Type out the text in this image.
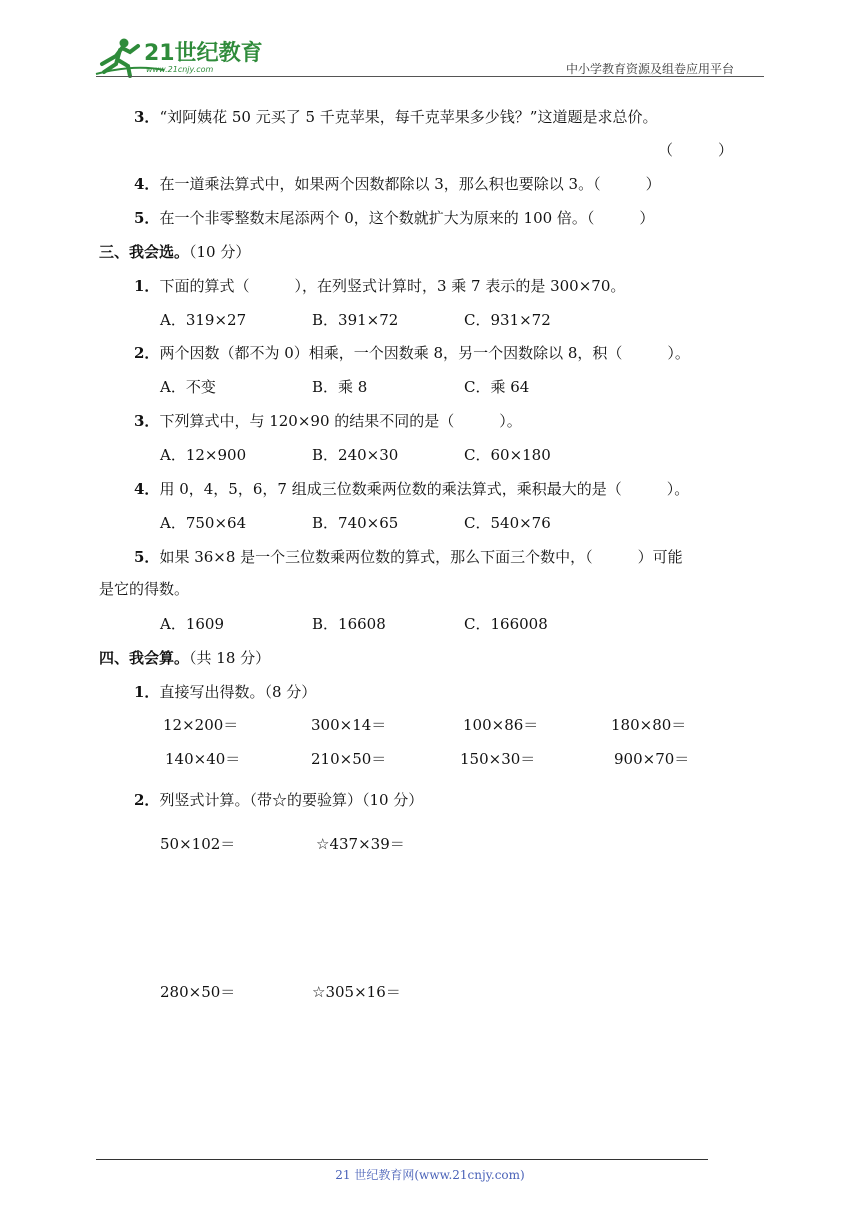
21世纪教育
www.21cnjy.com	中小学教育资源及组卷应用平台
3．“刘阿姨花 50 元买了 5 千克苹果，每千克苹果多少钱？”这道题是求总价。
（　　　）
4．在一道乘法算式中，如果两个因数都除以 3，那么积也要除以 3。（　　　）
5．在一个非零整数末尾添两个 0，这个数就扩大为原来的 100 倍。（　　　）
三、我会选。（10 分）
1．下面的算式（　　　），在列竖式计算时，3 乘 7 表示的是 300×70。
A．319×27	B．391×72	C．931×72
2．两个因数（都不为 0）相乘，一个因数乘 8，另一个因数除以 8，积（　　　）。
A．不变	B．乘 8	C．乘 64
3．下列算式中，与 120×90 的结果不同的是（　　　）。
A．12×900	B．240×30	C．60×180
4．用 0，4，5，6，7 组成三位数乘两位数的乘法算式，乘积最大的是（　　　）。
A．750×64	B．740×65	C．540×76
5．如果 36×8 是一个三位数乘两位数的算式，那么下面三个数中，（　　　）可能
是它的得数。
A．1609	B．16608	C．166008
四、我会算。（共 18 分）
1．直接写出得数。（8 分）
12×200＝	300×14＝	100×86＝	180×80＝
140×40＝	210×50＝	150×30＝	900×70＝
2．列竖式计算。（带☆的要验算）（10 分）
50×102＝	☆437×39＝
280×50＝	☆305×16＝
21 世纪教育网(www.21cnjy.com)
